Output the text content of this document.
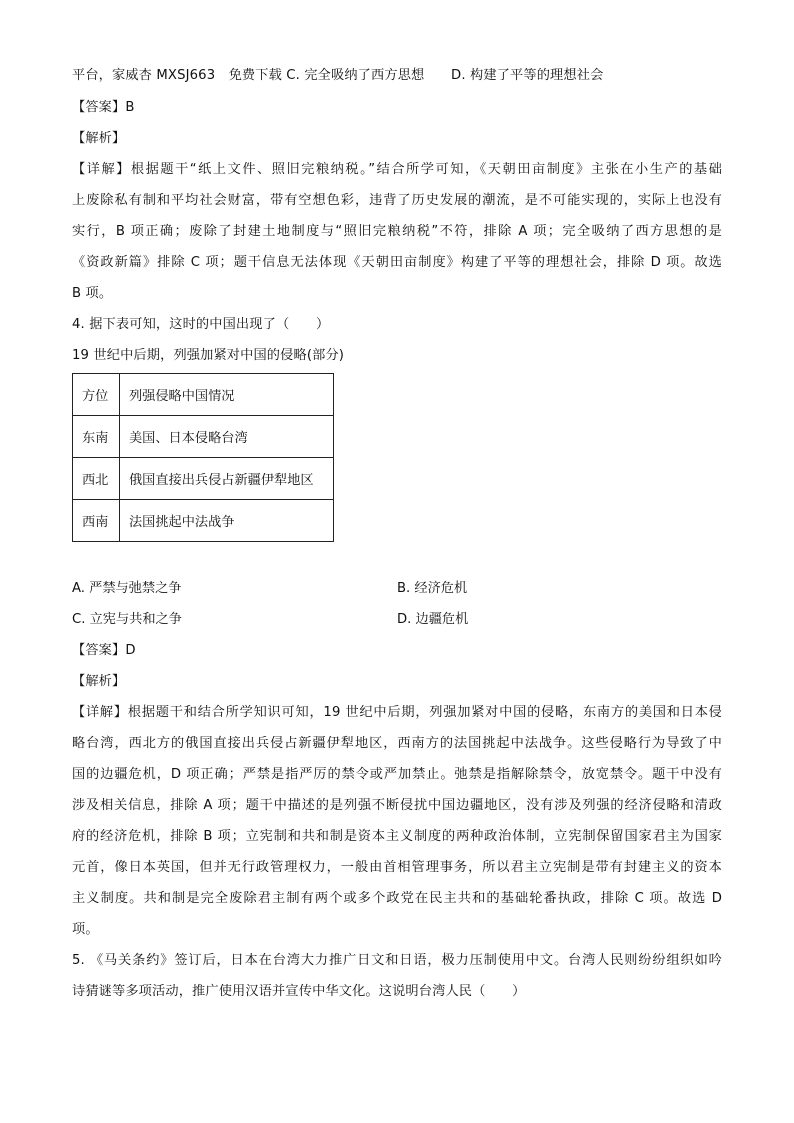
平台，家威杏 MXSJ663　免费下载 C. 完全吸纳了西方思想　　D. 构建了平等的理想社会
【答案】B
【解析】
【详解】根据题干“纸上文件、照旧完粮纳税。”结合所学可知，《天朝田亩制度》主张在小生产的基础
上废除私有制和平均社会财富，带有空想色彩，违背了历史发展的潮流，是不可能实现的，实际上也没有
实行，B 项正确；废除了封建土地制度与“照旧完粮纳税”不符，排除 A 项；完全吸纳了西方思想的是
《资政新篇》排除 C 项；题干信息无法体现《天朝田亩制度》构建了平等的理想社会，排除 D 项。故选
B 项。
4. 据下表可知，这时的中国出现了（　　）
19 世纪中后期，列强加紧对中国的侵略(部分)
方位	列强侵略中国情况
东南	美国、日本侵略台湾
西北	俄国直接出兵侵占新疆伊犁地区
西南	法国挑起中法战争
A. 严禁与弛禁之争	B. 经济危机
C. 立宪与共和之争	D. 边疆危机
【答案】D
【解析】
【详解】根据题干和结合所学知识可知，19 世纪中后期，列强加紧对中国的侵略，东南方的美国和日本侵
略台湾，西北方的俄国直接出兵侵占新疆伊犁地区，西南方的法国挑起中法战争。这些侵略行为导致了中
国的边疆危机，D 项正确；严禁是指严厉的禁令或严加禁止。弛禁是指解除禁令，放宽禁令。题干中没有
涉及相关信息，排除 A 项；题干中描述的是列强不断侵扰中国边疆地区，没有涉及列强的经济侵略和清政
府的经济危机，排除 B 项；立宪制和共和制是资本主义制度的两种政治体制，立宪制保留国家君主为国家
元首，像日本英国，但并无行政管理权力，一般由首相管理事务，所以君主立宪制是带有封建主义的资本
主义制度。共和制是完全废除君主制有两个或多个政党在民主共和的基础轮番执政，排除 C 项。故选 D
项。
5. 《马关条约》签订后，日本在台湾大力推广日文和日语，极力压制使用中文。台湾人民则纷纷组织如吟
诗猜谜等多项活动，推广使用汉语并宣传中华文化。这说明台湾人民（　　）
